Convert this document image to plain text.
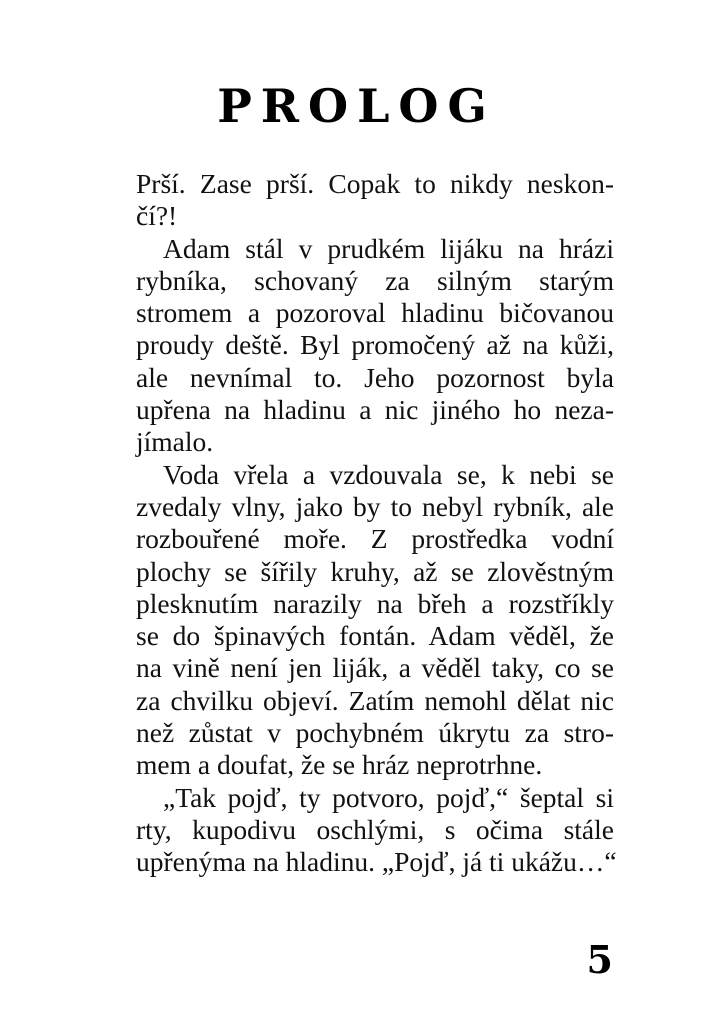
PROLOG

Prší. Zase prší. Copak to nikdy neskon-
čí?!

Adam stál v prudkém lijáku na hrázi
rybníka, schovaný za silným starým
stromem a pozoroval hladinu bičovanou
proudy deště. Byl promočený až na kůži,
ale nevnímal to. Jeho pozornost byla
upřena na hladinu a nic jiného ho neza-
jímalo.

Voda vřela a vzdouvala se, k nebi se
zvedaly vlny, jako by to nebyl rybník, ale
rozbouřené moře. Z prostředka vodní
plochy se šířily kruhy, až se zlověstným
plesknutím narazily na břeh a rozstříkly
se do špinavých fontán. Adam věděl, že
na vině není jen liják, a věděl taky, co se
za chvilku objeví. Zatím nemohl dělat nic
než zůstat v pochybném úkrytu za stro-
mem a doufat, že se hráz neprotrhne.

„Tak pojď, ty potvoro, pojď,“ šeptal si
rty, kupodivu oschlými, s očima stále
upřenýma na hladinu. „Pojď, já ti ukážu…“

5
